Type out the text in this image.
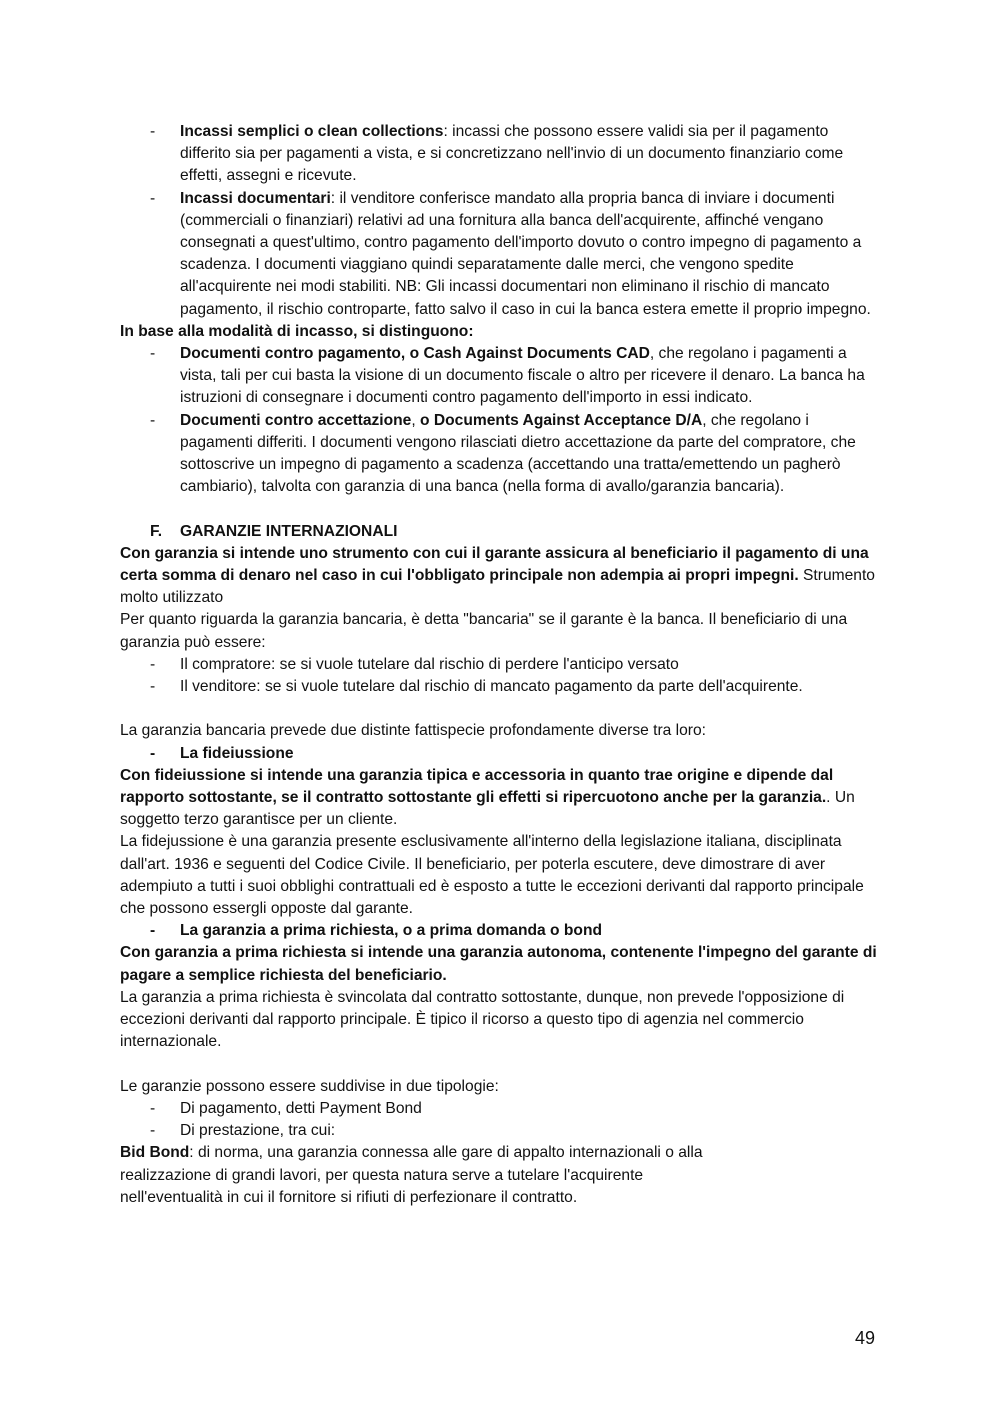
- Incassi semplici o clean collections: incassi che possono essere validi sia per il pagamento differito sia per pagamenti a vista, e si concretizzano nell'invio di un documento finanziario come effetti, assegni e ricevute.
- Incassi documentari: il venditore conferisce mandato alla propria banca di inviare i documenti (commerciali o finanziari) relativi ad una fornitura alla banca dell'acquirente, affinché vengano consegnati a quest'ultimo, contro pagamento dell'importo dovuto o contro impegno di pagamento a scadenza. I documenti viaggiano quindi separatamente dalle merci, che vengono spedite all'acquirente nei modi stabiliti. NB: Gli incassi documentari non eliminano il rischio di mancato pagamento, il rischio controparte, fatto salvo il caso in cui la banca estera emette il proprio impegno.

In base alla modalità di incasso, si distinguono:

- Documenti contro pagamento, o Cash Against Documents CAD, che regolano i pagamenti a vista, tali per cui basta la visione di un documento fiscale o altro per ricevere il denaro. La banca ha istruzioni di consegnare i documenti contro pagamento dell'importo in essi indicato.
- Documenti contro accettazione, o Documents Against Acceptance D/A, che regolano i pagamenti differiti. I documenti vengono rilasciati dietro accettazione da parte del compratore, che sottoscrive un impegno di pagamento a scadenza (accettando una tratta/emettendo un pagherò cambiario), talvolta con garanzia di una banca (nella forma di avallo/garanzia bancaria).
F. GARANZIE INTERNAZIONALI

Con garanzia si intende uno strumento con cui il garante assicura al beneficiario il pagamento di una certa somma di denaro nel caso in cui l'obbligato principale non adempia ai propri impegni. Strumento molto utilizzato

Per quanto riguarda la garanzia bancaria, è detta "bancaria" se il garante è la banca. Il beneficiario di una garanzia può essere:

- Il compratore: se si vuole tutelare dal rischio di perdere l'anticipo versato
- Il venditore: se si vuole tutelare dal rischio di mancato pagamento da parte dell'acquirente.

La garanzia bancaria prevede due distinte fattispecie profondamente diverse tra loro:

- La fideiussione

Con fideiussione si intende una garanzia tipica e accessoria in quanto trae origine e dipende dal rapporto sottostante, se il contratto sottostante gli effetti si ripercuotono anche per la garanzia.. Un soggetto terzo garantisce per un cliente.

La fidejussione è una garanzia presente esclusivamente all'interno della legislazione italiana, disciplinata dall'art. 1936 e seguenti del Codice Civile. Il beneficiario, per poterla escutere, deve dimostrare di aver adempiuto a tutti i suoi obblighi contrattuali ed è esposto a tutte le eccezioni derivanti dal rapporto principale che possono essergli opposte dal garante.

- La garanzia a prima richiesta, o a prima domanda o bond

Con garanzia a prima richiesta si intende una garanzia autonoma, contenente l'impegno del garante di pagare a semplice richiesta del beneficiario.

La garanzia a prima richiesta è svincolata dal contratto sottostante, dunque, non prevede l'opposizione di eccezioni derivanti dal rapporto principale. È tipico il ricorso a questo tipo di agenzia nel commercio internazionale.

Le garanzie possono essere suddivise in due tipologie:

- Di pagamento, detti Payment Bond
- Di prestazione, tra cui:

Bid Bond: di norma, una garanzia connessa alle gare di appalto internazionali o alla
realizzazione di grandi lavori, per questa natura serve a tutelare l'acquirente
nell'eventualità in cui il fornitore si rifiuti di perfezionare il contratto.

49
